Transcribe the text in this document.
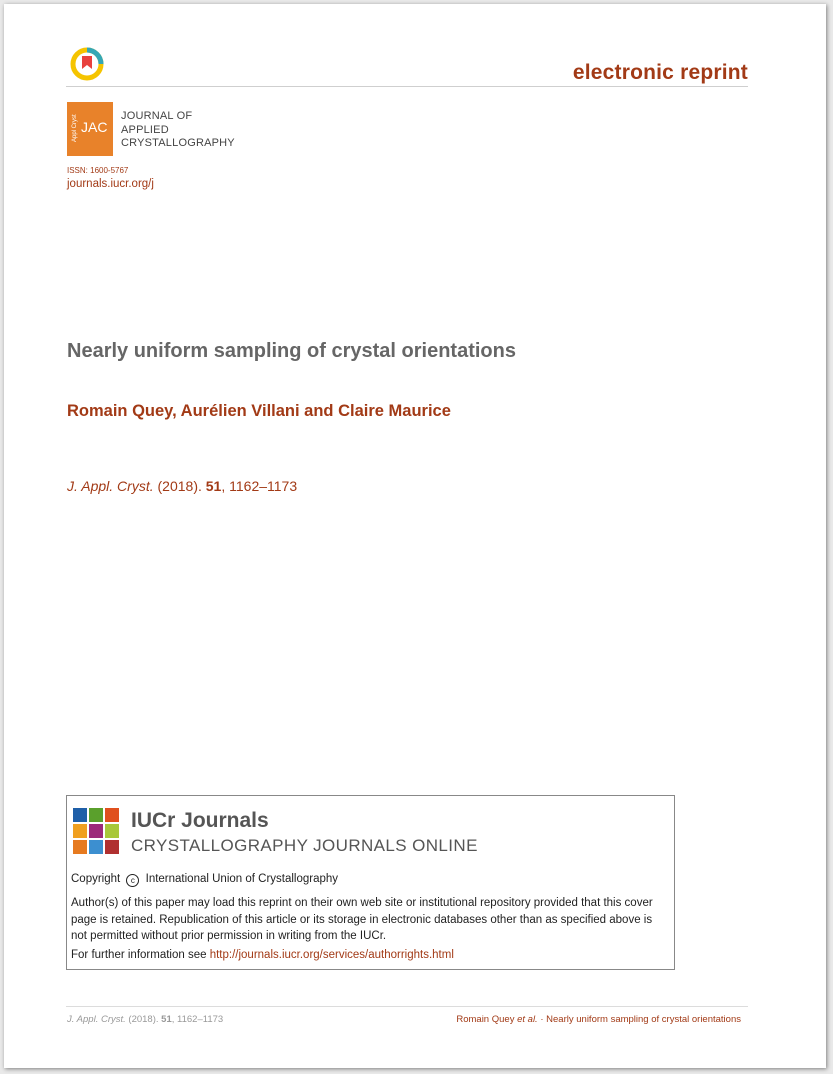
electronic reprint
Appl Cryst JAC
JOURNAL OF
APPLIED
CRYSTALLOGRAPHY
ISSN: 1600-5767
journals.iucr.org/j
Nearly uniform sampling of crystal orientations
Romain Quey, Aurélien Villani and Claire Maurice
J. Appl. Cryst. (2018). 51, 1162–1173
IUCr Journals
CRYSTALLOGRAPHY JOURNALS ONLINE
Copyright c International Union of Crystallography
Author(s) of this paper may load this reprint on their own web site or institutional repository provided that this cover page is retained. Republication of this article or its storage in electronic databases other than as specified above is not permitted without prior permission in writing from the IUCr.
For further information see http://journals.iucr.org/services/authorrights.html
J. Appl. Cryst. (2018). 51, 1162–1173	Romain Quey et al. · Nearly uniform sampling of crystal orientations
